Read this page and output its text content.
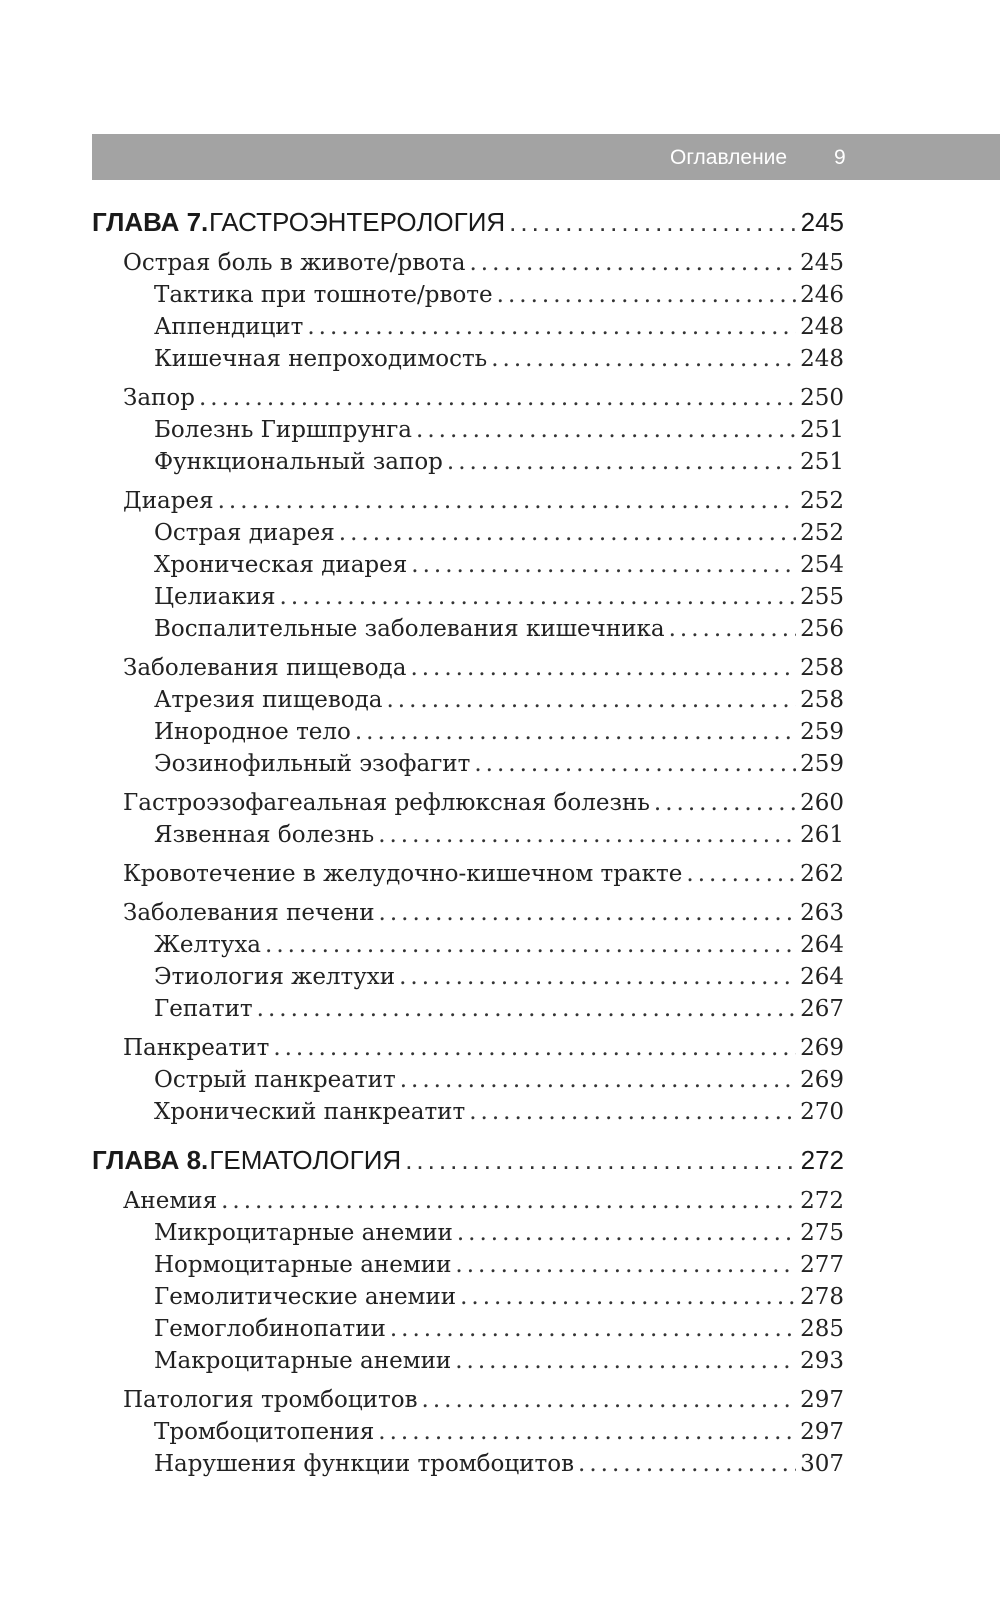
Оглавление 9
ГЛАВА 7. ГАСТРОЭНТЕРОЛОГИЯ .....	245
Острая боль в животе/рвота .....	245
Тактика при тошноте/рвоте .....	246
Аппендицит .....	248
Кишечная непроходимость .....	248
Запор .....	250
Болезнь Гиршпрунга .....	251
Функциональный запор .....	251
Диарея .....	252
Острая диарея .....	252
Хроническая диарея .....	254
Целиакия .....	255
Воспалительные заболевания кишечника .....	256
Заболевания пищевода .....	258
Атрезия пищевода .....	258
Инородное тело .....	259
Эозинофильный эзофагит .....	259
Гастроэзофагеальная рефлюксная болезнь .....	260
Язвенная болезнь .....	261
Кровотечение в желудочно-кишечном тракте .....	262
Заболевания печени .....	263
Желтуха .....	264
Этиология желтухи .....	264
Гепатит .....	267
Панкреатит .....	269
Острый панкреатит .....	269
Хронический панкреатит .....	270
ГЛАВА 8. ГЕМАТОЛОГИЯ .....	272
Анемия .....	272
Микроцитарные анемии .....	275
Нормоцитарные анемии .....	277
Гемолитические анемии .....	278
Гемоглобинопатии .....	285
Макроцитарные анемии .....	293
Патология тромбоцитов .....	297
Тромбоцитопения .....	297
Нарушения функции тромбоцитов .....	307
